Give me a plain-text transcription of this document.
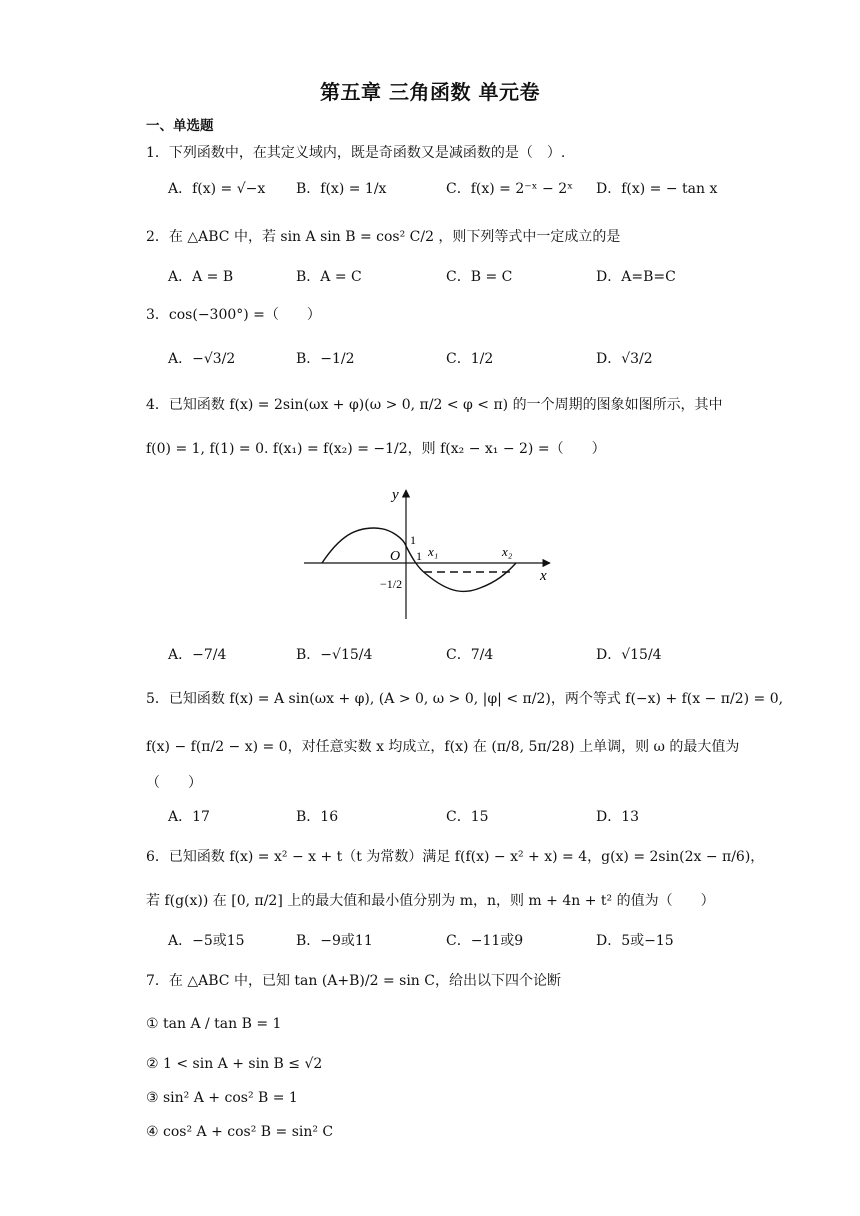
第五章 三角函数 单元卷
一、单选题
1．下列函数中，在其定义域内，既是奇函数又是减函数的是（　）.
A．f(x) = √−x B．f(x) = 1/x	C．f(x) = 2⁻ˣ − 2ˣ D．f(x) = − tan x
2．在 △ABC 中，若 sin A sin B = cos² C/2 ，则下列等式中一定成立的是
A．A = B	B．A = C	C．B = C	D．A=B=C
3．cos(−300°) =（　　）
A．−√3/2	B．−1/2	C．1/2	D．√3/2
4．已知函数 f(x) = 2sin(ωx + φ)(ω > 0, π/2 < φ < π) 的一个周期的图象如图所示，其中
f(0) = 1, f(1) = 0. f(x₁) = f(x₂) = −1/2，则 f(x₂ − x₁ − 2) =（　　）
y
x
O
1
1 x₁	x₂
−1/2
A．−7/4	B．−√15/4	C．7/4	D．√15/4
5．已知函数 f(x) = A sin(ωx + φ), (A > 0, ω > 0, |φ| < π/2)，两个等式 f(−x) + f(x − π/2) = 0,
f(x) − f(π/2 − x) = 0，对任意实数 x 均成立，f(x) 在 (π/8, 5π/28) 上单调，则 ω 的最大值为
（　　）
A．17	B．16	C．15	D．13
6．已知函数 f(x) = x² − x + t（t 为常数）满足 f(f(x) − x² + x) = 4，g(x) = 2sin(2x − π/6)，
若 f(g(x)) 在 [0, π/2] 上的最大值和最小值分别为 m，n，则 m + 4n + t² 的值为（　　）
A．−5或15	B．−9或11	C．−11或9	D．5或−15
7．在 △ABC 中，已知 tan (A+B)/2 = sin C，给出以下四个论断
① tan A / tan B = 1
② 1 < sin A + sin B ≤ √2
③ sin² A + cos² B = 1
④ cos² A + cos² B = sin² C
